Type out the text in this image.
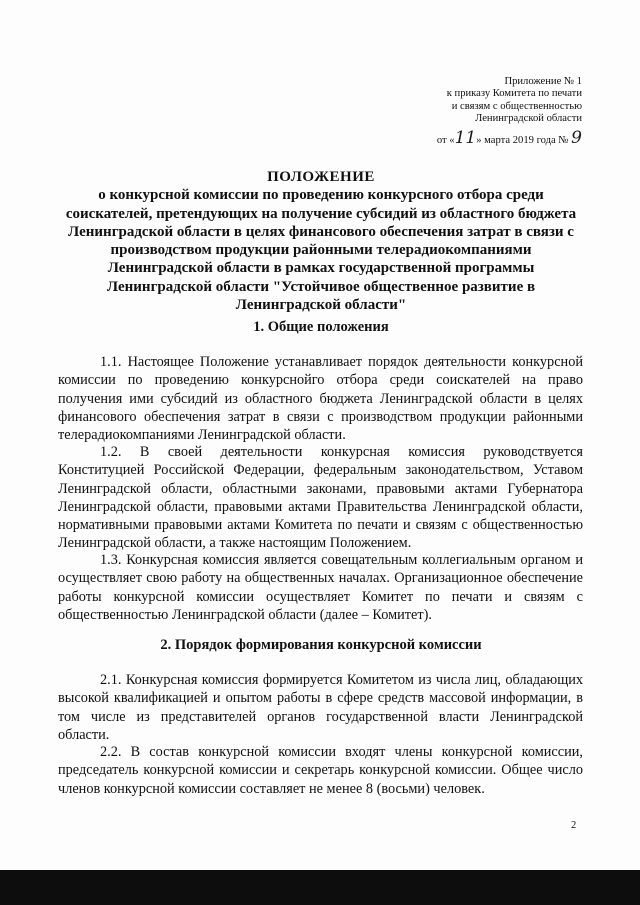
Приложение № 1
к приказу Комитета по печати
и связям с общественностью
Ленинградской области
от «11» марта 2019 года № 9
ПОЛОЖЕНИЕ
о конкурсной комиссии по проведению конкурсного отбора среди соискателей, претендующих на получение субсидий из областного бюджета Ленинградской области в целях финансового обеспечения затрат в связи с производством продукции районными телерадиокомпаниями Ленинградской области в рамках государственной программы Ленинградской области "Устойчивое общественное развитие в Ленинградской области"
1. Общие положения
1.1. Настоящее Положение устанавливает порядок деятельности конкурсной комиссии по проведению конкурснойго отбора среди соискателей на право получения ими субсидий из областного бюджета Ленинградской области в целях финансового обеспечения затрат в связи с производством продукции районными телерадиокомпаниями Ленинградской области.
1.2. В своей деятельности конкурсная комиссия руководствуется Конституцией Российской Федерации, федеральным законодательством, Уставом Ленинградской области, областными законами, правовыми актами Губернатора Ленинградской области, правовыми актами Правительства Ленинградской области, нормативными правовыми актами Комитета по печати и связям с общественностью Ленинградской области, а также настоящим Положением.
1.3. Конкурсная комиссия является совещательным коллегиальным органом и осуществляет свою работу на общественных началах. Организационное обеспечение работы конкурсной комиссии осуществляет Комитет по печати и связям с общественностью Ленинградской области (далее – Комитет).
2. Порядок формирования конкурсной комиссии
2.1. Конкурсная комиссия формируется Комитетом из числа лиц, обладающих высокой квалификацией и опытом работы в сфере средств массовой информации, в том числе из представителей органов государственной власти Ленинградской области.
2.2. В состав конкурсной комиссии входят члены конкурсной комиссии, председатель конкурсной комиссии и секретарь конкурсной комиссии. Общее число членов конкурсной комиссии составляет не менее 8 (восьми) человек.
2
